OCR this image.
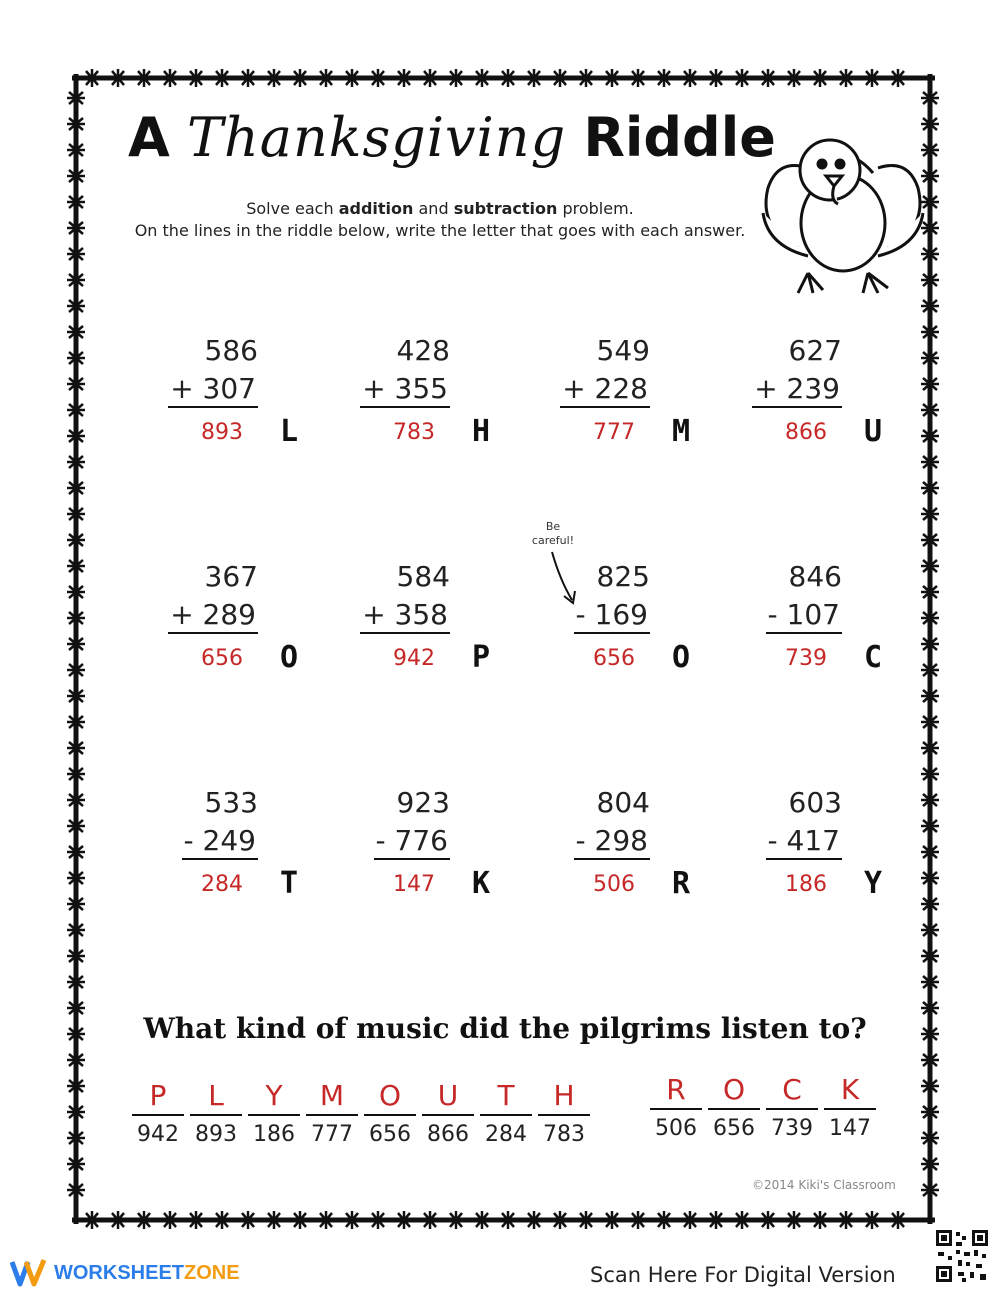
A Thanksgiving Riddle
Solve each addition and subtraction problem.
On the lines in the riddle below, write the letter that goes with each answer.
586
+ 307
893 L
428
+ 355
783 H
549
+ 228
777 M
627
+ 239
866 U
367
+ 289
656 O
584
+ 358
942 P
825
- 169
656 O
846
- 107
739 C
533
- 249
284 T
923
- 776
147 K
804
- 298
506 R
603
- 417
186 Y
Be careful!
What kind of music did the pilgrims listen to?
P
942
L
893
Y
186
M
777
O
656
U
866
T
284
H
783
R
506
O
656
C
739
K
147
©2014 Kiki's Classroom
WORKSHEETZONE	Scan Here For Digital Version
